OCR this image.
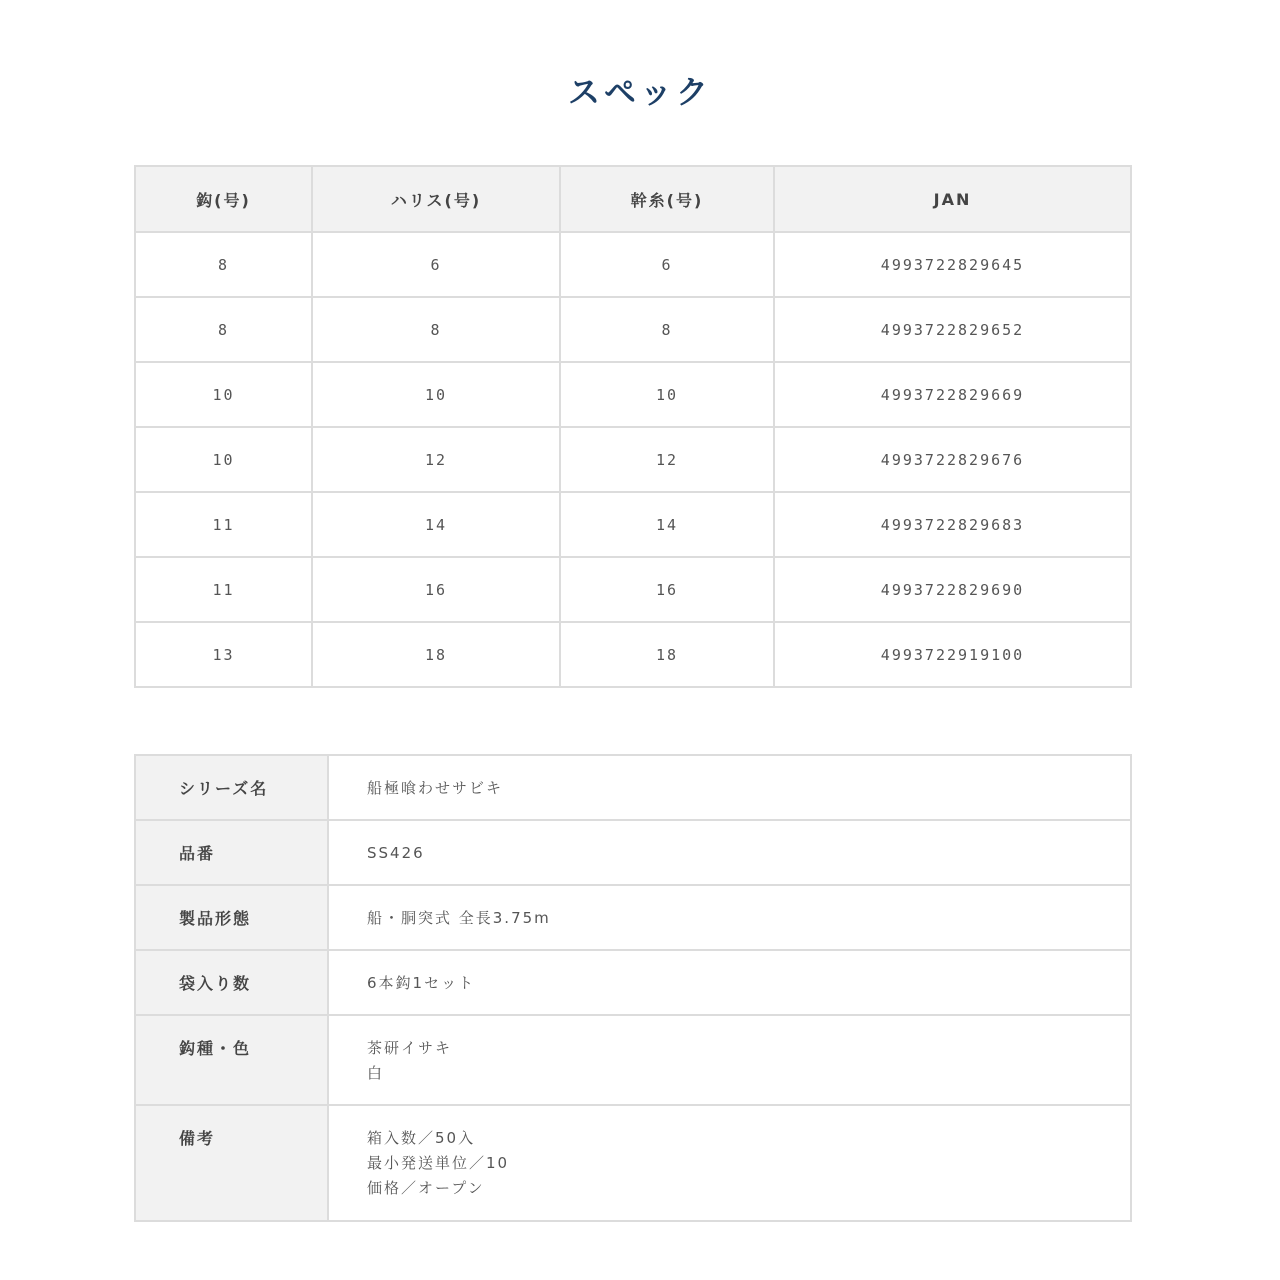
スペック
鈎(号)	ハリス(号)	幹糸(号)	JAN
8	6	6	4993722829645
8	8	8	4993722829652
10	10	10	4993722829669
10	12	12	4993722829676
11	14	14	4993722829683
11	16	16	4993722829690
13	18	18	4993722919100
シリーズ名	船極喰わせサビキ

品番	SS426

製品形態	船・胴突式 全長3.75m

袋入り数	6本鈎1セット

鈎種・色	茶研イサキ
白

備考	箱入数／50入
最小発送単位／10
価格／オープン
